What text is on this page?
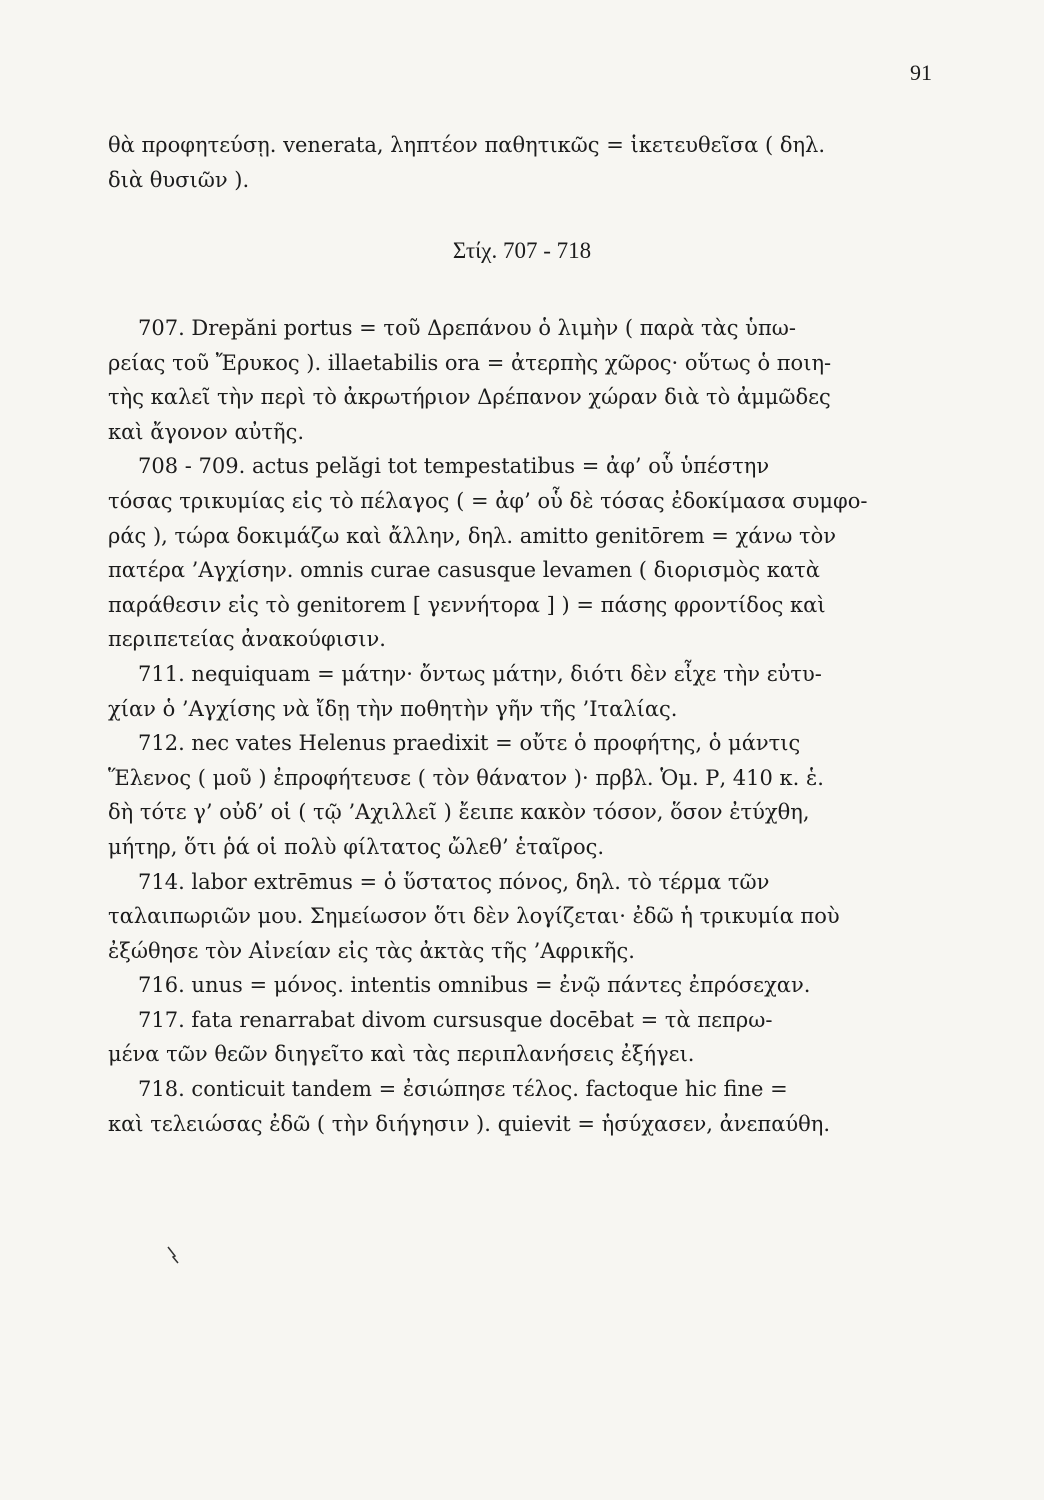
91
θὰ προφητεύσῃ. venerata, ληπτέον παθητικῶς = ἱκετευθεῖσα ( δηλ.
διὰ θυσιῶν ).
Στίχ. 707 - 718
707. Drepăni portus = τοῦ Δρεπάνου ὁ λιμὴν ( παρὰ τὰς ὑπω-
ρείας τοῦ Ἔρυκος ). illaetabilis ora = ἀτερπὴς χῶρος· οὕτως ὁ ποιη-
τὴς καλεῖ τὴν περὶ τὸ ἀκρωτήριον Δρέπανον χώραν διὰ τὸ ἀμμῶδες
καὶ ἄγονον αὐτῆς.
708 - 709. actus pelăgi tot tempestatibus = ἀφ’ οὗ ὑπέστην
τόσας τρικυμίας εἰς τὸ πέλαγος ( = ἀφ’ οὗ δὲ τόσας ἐδοκίμασα συμφο-
ράς ), τώρα δοκιμάζω καὶ ἄλλην, δηλ. amitto genitōrem = χάνω τὸν
πατέρα ’Αγχίσην. omnis curae casusque levamen ( διορισμὸς κατὰ
παράθεσιν εἰς τὸ genitorem [ γεννήτορα ] ) = πάσης φροντίδος καὶ
περιπετείας ἀνακούφισιν.
711. nequiquam = μάτην· ὄντως μάτην, διότι δὲν εἶχε τὴν εὐτυ-
χίαν ὁ ’Αγχίσης νὰ ἴδῃ τὴν ποθητὴν γῆν τῆς ’Ιταλίας.
712. nec vates Helenus praedixit = οὔτε ὁ προφήτης, ὁ μάντις
Ἕλενος ( μοῦ ) ἐπροφήτευσε ( τὸν θάνατον )· πρβλ. Ὁμ. Ρ, 410 κ. ἑ.
δὴ τότε γ’ οὐδ’ οἱ ( τῷ ’Αχιλλεῖ ) ἔειπε κακὸν τόσον, ὅσον ἐτύχθη,
μήτηρ, ὅτι ῥά οἱ πολὺ φίλτατος ὤλεθ’ ἑταῖρος.
714. labor extrēmus = ὁ ὕστατος πόνος, δηλ. τὸ τέρμα τῶν
ταλαιπωριῶν μου. Σημείωσον ὅτι δὲν λογίζεται· ἐδῶ ἡ τρικυμία ποὺ
ἐξώθησε τὸν Αἰνείαν εἰς τὰς ἀκτὰς τῆς ’Αφρικῆς.
716. unus = μόνος. intentis omnibus = ἐνῷ πάντες ἐπρόσεχαν.
717. fata renarrabat divom cursusque docēbat = τὰ πεπρω-
μένα τῶν θεῶν διηγεῖτο καὶ τὰς περιπλανήσεις ἐξήγει.
718. conticuit tandem = ἐσιώπησε τέλος. factoque hic fine =
καὶ τελειώσας ἐδῶ ( τὴν διήγησιν ). quievit = ἡσύχασεν, ἀνεπαύθη.
